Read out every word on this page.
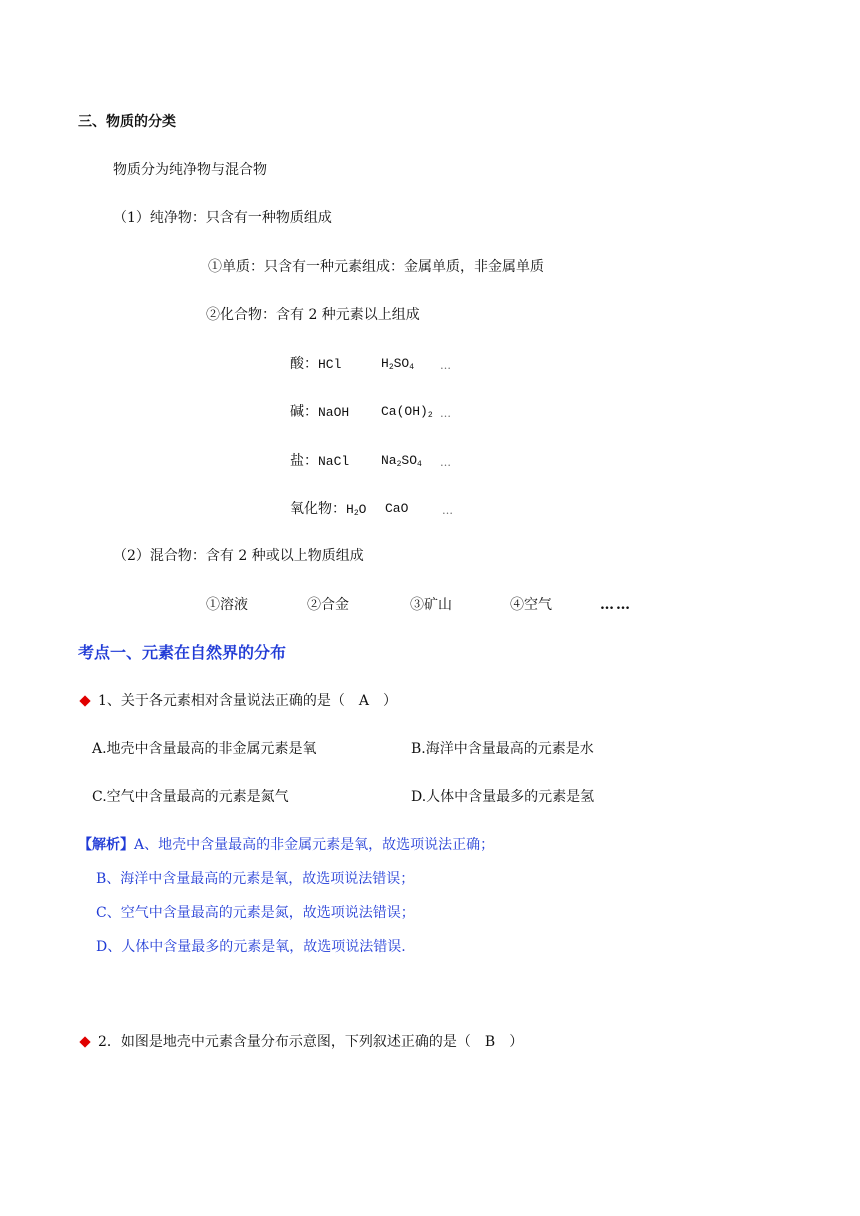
三、物质的分类
物质分为纯净物与混合物
（1）纯净物：只含有一种物质组成
①单质：只含有一种元素组成：金属单质，非金属单质
②化合物：含有 2 种元素以上组成
酸：HCl	$H_2SO_4$ …
碱：NaOH $Ca(OH)_2$ …
盐：NaCl $Na_2SO_4$ …
氧化物：$H_2O$ CaO	…
（2）混合物：含有 2 种或以上物质组成
①溶液	②合金	③矿山	④空气	……
考点一、元素在自然界的分布
1、关于各元素相对含量说法正确的是（　A　）
A.地壳中含量最高的非金属元素是氧	B.海洋中含量最高的元素是水
C.空气中含量最高的元素是氮气	D.人体中含量最多的元素是氢
【解析】A、地壳中含量最高的非金属元素是氧，故选项说法正确；
B、海洋中含量最高的元素是氧，故选项说法错误；
C、空气中含量最高的元素是氮，故选项说法错误；
D、人体中含量最多的元素是氧，故选项说法错误.
2．如图是地壳中元素含量分布示意图，下列叙述正确的是（　B　）
